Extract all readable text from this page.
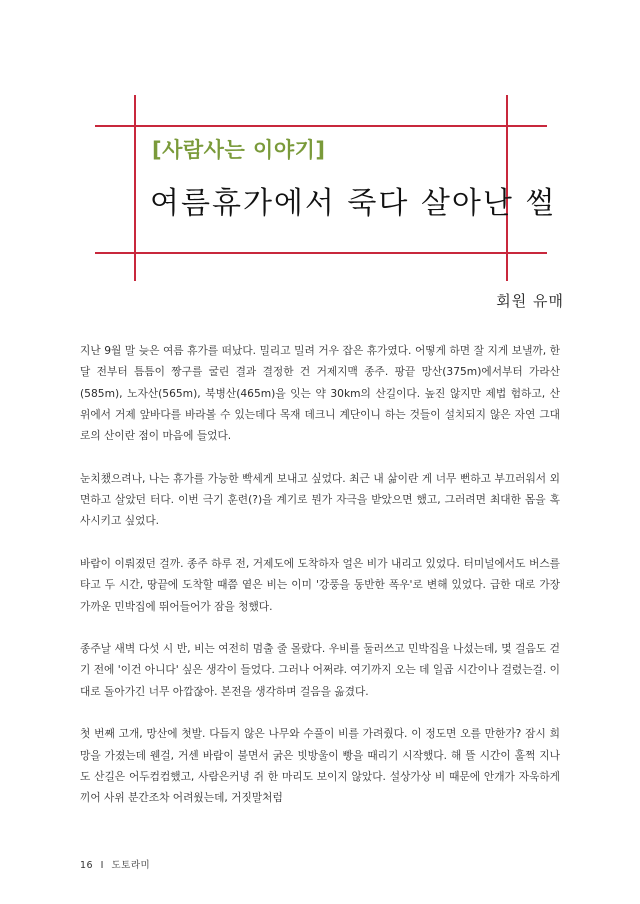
[사람사는 이야기]
여름휴가에서 죽다 살아난 썰
회원 유매

지난 9월 말 늦은 여름 휴가를 떠났다. 밀리고 밀려 거우 잡은 휴가였다. 어떻게 하면 잘 지게 보낼까, 한 달 전부터 틈틈이 짱구를 굴린 결과 결정한 건 거제지맥 종주. 팡끝 망산(375m)에서부터 가라산(585m), 노자산(565m), 북병산(465m)을 잇는 약 30km의 산길이다. 높진 않지만 제법 험하고, 산 위에서 거제 앞바다를 바라볼 수 있는데다 목재 데크니 계단이니 하는 것들이 설치되지 않은 자연 그대로의 산이란 점이 마음에 들었다.

눈치챘으려나, 나는 휴가를 가능한 빡세게 보내고 싶었다. 최근 내 삶이란 게 너무 뻔하고 부끄러워서 외면하고 살았던 터다. 이번 극기 훈련(?)을 계기로 뭔가 자극을 받았으면 했고, 그러려면 최대한 몸을 혹사시키고 싶었다.

바람이 이뤄졌던 걸까. 종주 하루 전, 거제도에 도착하자 얼은 비가 내리고 있었다. 터미널에서도 버스를 타고 두 시간, 땅끝에 도착할 때쯤 옅은 비는 이미 '강풍을 동반한 폭우'로 변해 있었다. 급한 대로 가장 가까운 민박집에 뛰어들어가 잠을 청했다.

종주날 새벽 다섯 시 반, 비는 여전히 멈출 줄 몰랐다. 우비를 둘러쓰고 민박집을 나섰는데, 몇 걸음도 걷기 전에 '이건 아니다' 싶은 생각이 들었다. 그러나 어쩌랴. 여기까지 오는 데 일곱 시간이나 걸렸는걸. 이대로 돌아가긴 너무 아깝잖아. 본전을 생각하며 걸음을 옮겼다.

첫 번째 고개, 망산에 첫발. 다듬지 않은 나무와 수풀이 비를 가려줬다. 이 정도면 오를 만한가? 잠시 희망을 가졌는데 웬걸, 거센 바람이 불면서 굵은 빗방울이 빵을 때리기 시작했다. 해 뜰 시간이 훌쩍 지나도 산길은 어두컴컴했고, 사람은커녕 쥐 한 마리도 보이지 않았다. 설상가상 비 때문에 안개가 자욱하게 끼어 사위 분간조차 어려웠는데, 거짓말처럼

16 I 도토라미
